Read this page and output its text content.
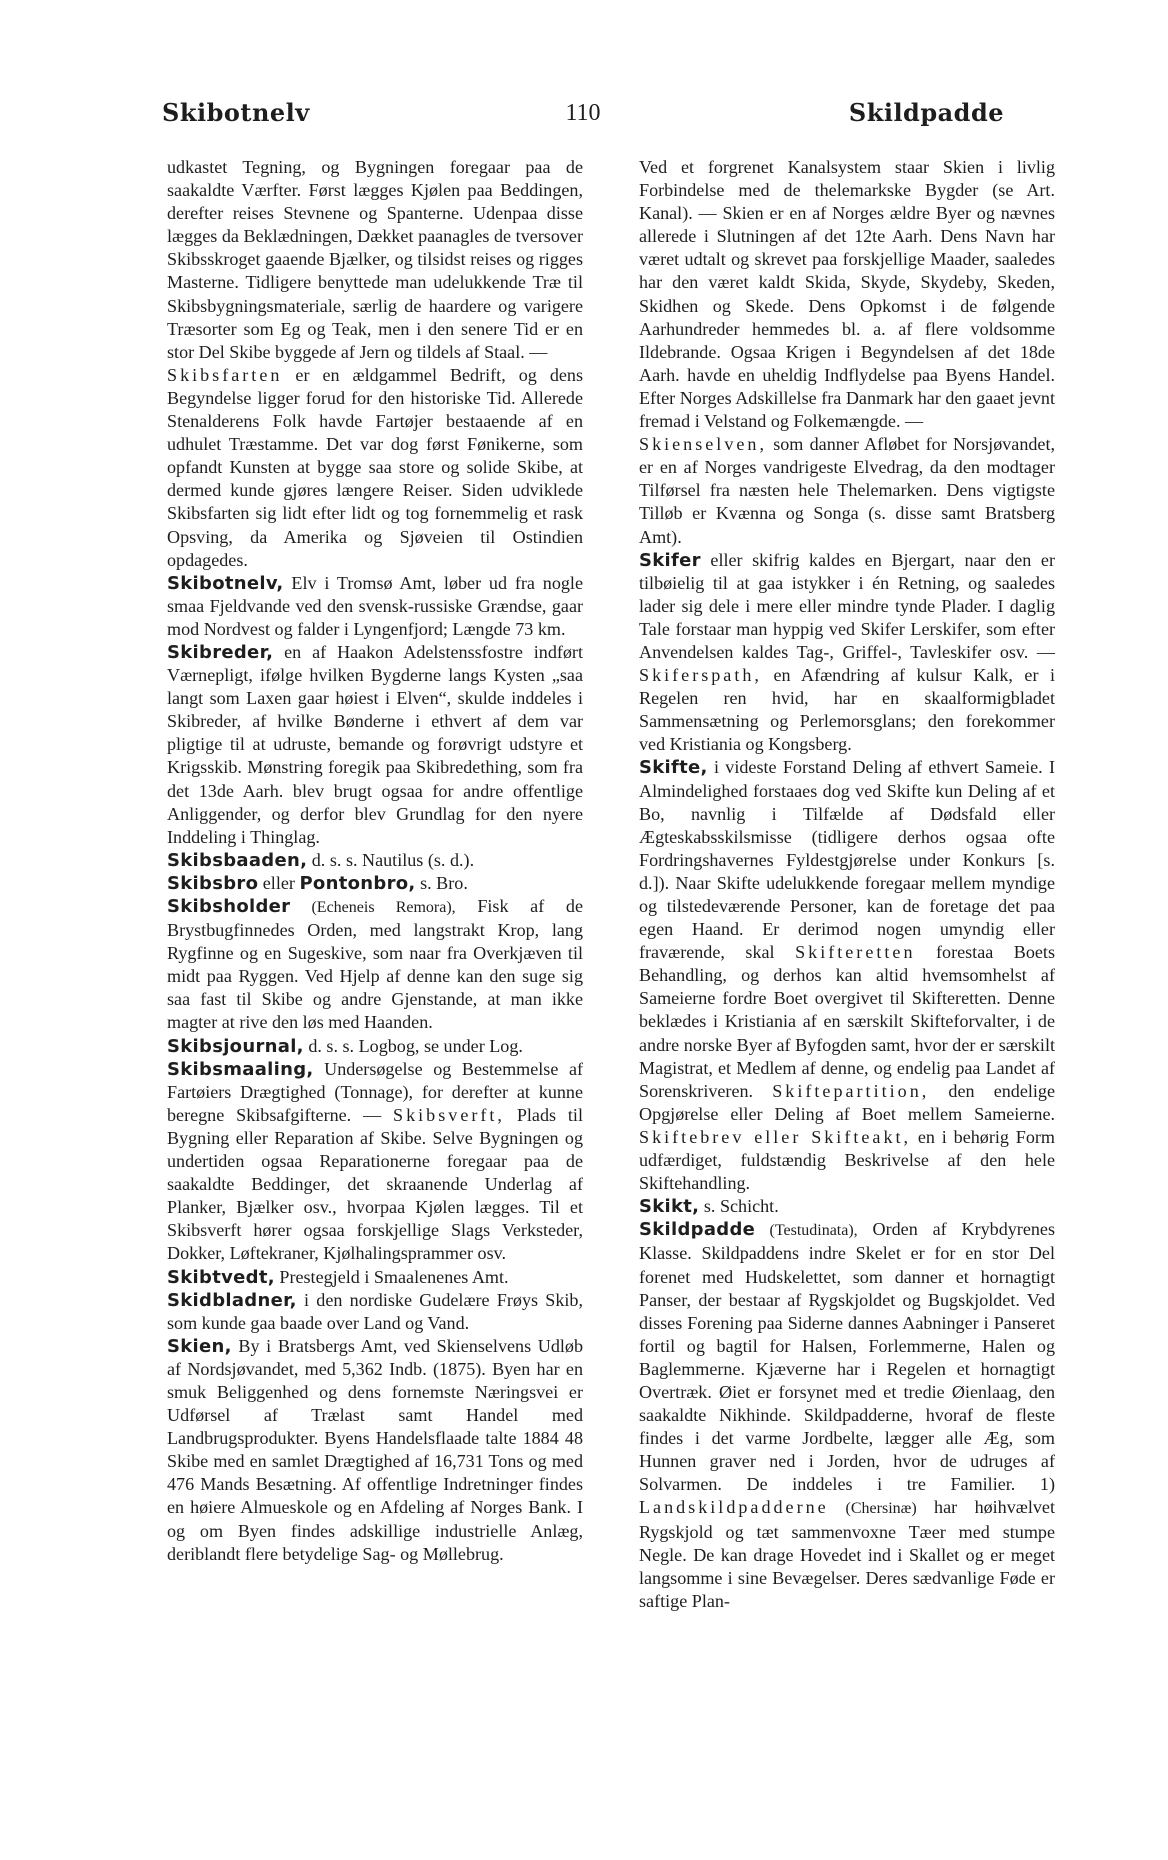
Skibotnelv	110	Skildpadde

udkastet Tegning, og Bygningen foregaar paa de saakaldte Værfter. Først lægges Kjølen paa Beddingen, derefter reises Stevnene og Spanterne. Udenpaa disse lægges da Beklædningen, Dækket paanagles de tversover Skibsskroget gaaende Bjælker, og tilsidst reises og rigges Masterne. Tidligere benyttede man udelukkende Træ til Skibsbygningsmateriale, særlig de haardere og varigere Træsorter som Eg og Teak, men i den senere Tid er en stor Del Skibe byggede af Jern og tildels af Staal. —

Skibsfarten er en ældgammel Bedrift, og dens Begyndelse ligger forud for den historiske Tid. Allerede Stenalderens Folk havde Fartøjer bestaaende af en udhulet Træstamme. Det var dog først Fønikerne, som opfandt Kunsten at bygge saa store og solide Skibe, at dermed kunde gjøres længere Reiser. Siden udviklede Skibsfarten sig lidt efter lidt og tog fornemmelig et rask Opsving, da Amerika og Sjøveien til Ostindien opdagedes.

Skibotnelv, Elv i Tromsø Amt, løber ud fra nogle smaa Fjeldvande ved den svensk-russiske Grændse, gaar mod Nordvest og falder i Lyngenfjord; Længde 73 km.

Skibreder, en af Haakon Adelstenssfostre indført Værnepligt, ifølge hvilken Bygderne langs Kysten „saa langt som Laxen gaar høiest i Elven“, skulde inddeles i Skibreder, af hvilke Bønderne i ethvert af dem var pligtige til at udruste, bemande og forøvrigt udstyre et Krigsskib. Mønstring foregik paa Skibredething, som fra det 13de Aarh. blev brugt ogsaa for andre offentlige Anliggender, og derfor blev Grundlag for den nyere Inddeling i Thinglag.

Skibsbaaden, d. s. s. Nautilus (s. d.).

Skibsbro eller Pontonbro, s. Bro.

Skibsholder (Echeneis Remora), Fisk af de Brystbugfinnedes Orden, med langstrakt Krop, lang Rygfinne og en Sugeskive, som naar fra Overkjæven til midt paa Ryggen. Ved Hjelp af denne kan den suge sig saa fast til Skibe og andre Gjenstande, at man ikke magter at rive den løs med Haanden.

Skibsjournal, d. s. s. Logbog, se under Log.

Skibsmaaling, Undersøgelse og Bestemmelse af Fartøiers Drægtighed (Tonnage), for derefter at kunne beregne Skibsafgifterne. — Skibsverft, Plads til Bygning eller Reparation af Skibe. Selve Bygningen og undertiden ogsaa Reparationerne foregaar paa de saakaldte Beddinger, det skraanende Underlag af Planker, Bjælker osv., hvorpaa Kjølen lægges. Til et Skibsverft hører ogsaa forskjellige Slags Verksteder, Dokker, Løftekraner, Kjølhalingsprammer osv.

Skibtvedt, Prestegjeld i Smaalenenes Amt.

Skidbladner, i den nordiske Gudelære Frøys Skib, som kunde gaa baade over Land og Vand.

Skien, By i Bratsbergs Amt, ved Skienselvens Udløb af Nordsjøvandet, med 5,362 Indb. (1875). Byen har en smuk Beliggenhed og dens fornemste Næringsvei er Udførsel af Trælast samt Handel med Landbrugsprodukter. Byens Handelsflaade talte 1884 48 Skibe med en samlet Drægtighed af 16,731 Tons og med 476 Mands Besætning. Af offentlige Indretninger findes en høiere Almueskole og en Afdeling af Norges Bank. I og om Byen findes adskillige industrielle Anlæg, deriblandt flere betydelige Sag- og Møllebrug.

Ved et forgrenet Kanalsystem staar Skien i livlig Forbindelse med de thelemarkske Bygder (se Art. Kanal). — Skien er en af Norges ældre Byer og nævnes allerede i Slutningen af det 12te Aarh. Dens Navn har været udtalt og skrevet paa forskjellige Maader, saaledes har den været kaldt Skida, Skyde, Skydeby, Skeden, Skidhen og Skede. Dens Opkomst i de følgende Aarhundreder hemmedes bl. a. af flere voldsomme Ildebrande. Ogsaa Krigen i Begyndelsen af det 18de Aarh. havde en uheldig Indflydelse paa Byens Handel. Efter Norges Adskillelse fra Danmark har den gaaet jevnt fremad i Velstand og Folkemængde. —

Skienselven, som danner Afløbet for Norsjøvandet, er en af Norges vandrigeste Elvedrag, da den modtager Tilførsel fra næsten hele Thelemarken. Dens vigtigste Tilløb er Kvænna og Songa (s. disse samt Bratsberg Amt).

Skifer eller skifrig kaldes en Bjergart, naar den er tilbøielig til at gaa istykker i én Retning, og saaledes lader sig dele i mere eller mindre tynde Plader. I daglig Tale forstaar man hyppig ved Skifer Lerskifer, som efter Anvendelsen kaldes Tag-, Griffel-, Tavleskifer osv. — Skiferspath, en Afændring af kulsur Kalk, er i Regelen ren hvid, har en skaalformigbladet Sammensætning og Perlemorsglans; den forekommer ved Kristiania og Kongsberg.

Skifte, i videste Forstand Deling af ethvert Sameie. I Almindelighed forstaaes dog ved Skifte kun Deling af et Bo, navnlig i Tilfælde af Dødsfald eller Ægteskabsskilsmisse (tidligere derhos ogsaa ofte Fordringshavernes Fyldestgjørelse under Konkurs [s. d.]). Naar Skifte udelukkende foregaar mellem myndige og tilstedeværende Personer, kan de foretage det paa egen Haand. Er derimod nogen umyndig eller fraværende, skal Skifteretten forestaa Boets Behandling, og derhos kan altid hvemsomhelst af Sameierne fordre Boet overgivet til Skifteretten. Denne beklædes i Kristiania af en særskilt Skifteforvalter, i de andre norske Byer af Byfogden samt, hvor der er særskilt Magistrat, et Medlem af denne, og endelig paa Landet af Sorenskriveren. Skiftepartition, den endelige Opgjørelse eller Deling af Boet mellem Sameierne. Skiftebrev eller Skifteakt, en i behørig Form udfærdiget, fuldstændig Beskrivelse af den hele Skiftehandling.

Skikt, s. Schicht.

Skildpadde (Testudinata), Orden af Krybdyrenes Klasse. Skildpaddens indre Skelet er for en stor Del forenet med Hudskelettet, som danner et hornagtigt Panser, der bestaar af Rygskjoldet og Bugskjoldet. Ved disses Forening paa Siderne dannes Aabninger i Panseret fortil og bagtil for Halsen, Forlemmerne, Halen og Baglemmerne. Kjæverne har i Regelen et hornagtigt Overtræk. Øiet er forsynet med et tredie Øienlaag, den saakaldte Nikhinde. Skildpadderne, hvoraf de fleste findes i det varme Jordbelte, lægger alle Æg, som Hunnen graver ned i Jorden, hvor de udruges af Solvarmen. De inddeles i tre Familier. 1) Landskildpadderne (Chersinæ) har høihvælvet Rygskjold og tæt sammenvoxne Tæer med stumpe Negle. De kan drage Hovedet ind i Skallet og er meget langsomme i sine Bevægelser. Deres sædvanlige Føde er saftige Plan-
